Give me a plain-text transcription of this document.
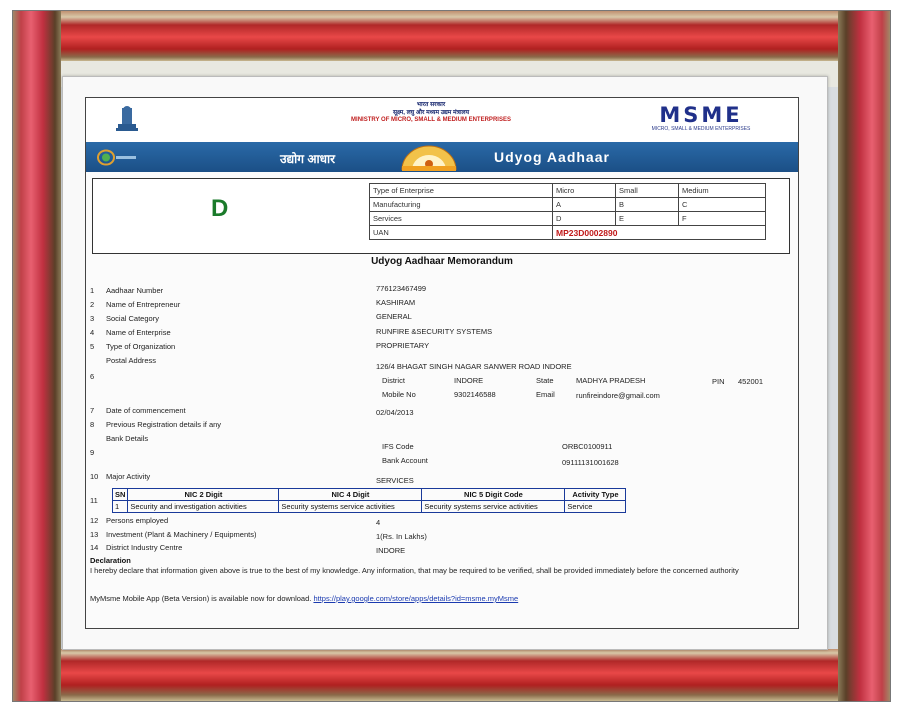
भारत सरकार
सूक्ष्म, लघु और मध्यम उद्यम मंत्रालय
MINISTRY OF MICRO, SMALL & MEDIUM ENTERPRISES	MSME
MICRO, SMALL & MEDIUM ENTERPRISES
उद्योग आधार	Udyog Aadhaar
D
Type of Enterprise	Micro	Small	Medium
Manufacturing	A	B	C
Services	D	E	F
UAN	MP23D0002890		
Udyog Aadhaar Memorandum
1 Aadhaar Number	776123467499
2 Name of Entrepreneur	KASHIRAM
3 Social Category	GENERAL
4 Name of Enterprise	RUNFIRE &SECURITY SYSTEMS
5 Type of Organization	PROPRIETARY
Postal Address
126/4 BHAGAT SINGH NAGAR SANWER ROAD INDORE
6	District	INDORE	State	MADHYA PRADESH	PIN 452001
Mobile No	9302146588	Email	runfireindore@gmail.com
7 Date of commencement	02/04/2013
8 Previous Registration details if any
Bank Details
9
IFS Code	ORBC0100911
Bank Account	09111131001628
10 Major Activity	SERVICES
11
SN	NIC 2 Digit	NIC 4 Digit	NIC 5 Digit Code	Activity Type
1	Security and investigation activities	Security systems service activities	Security systems service activities	Service
12 Persons employed	4
13 Investment (Plant & Machinery / Equipments)	1(Rs. In Lakhs)
14 District Industry Centre	INDORE
Declaration
I hereby declare that information given above is true to the best of my knowledge. Any information, that may be required to be verified, shall be provided immediately before the concerned authority
MyMsme Mobile App (Beta Version) is available now for download. https://play.google.com/store/apps/details?id=msme.myMsme
